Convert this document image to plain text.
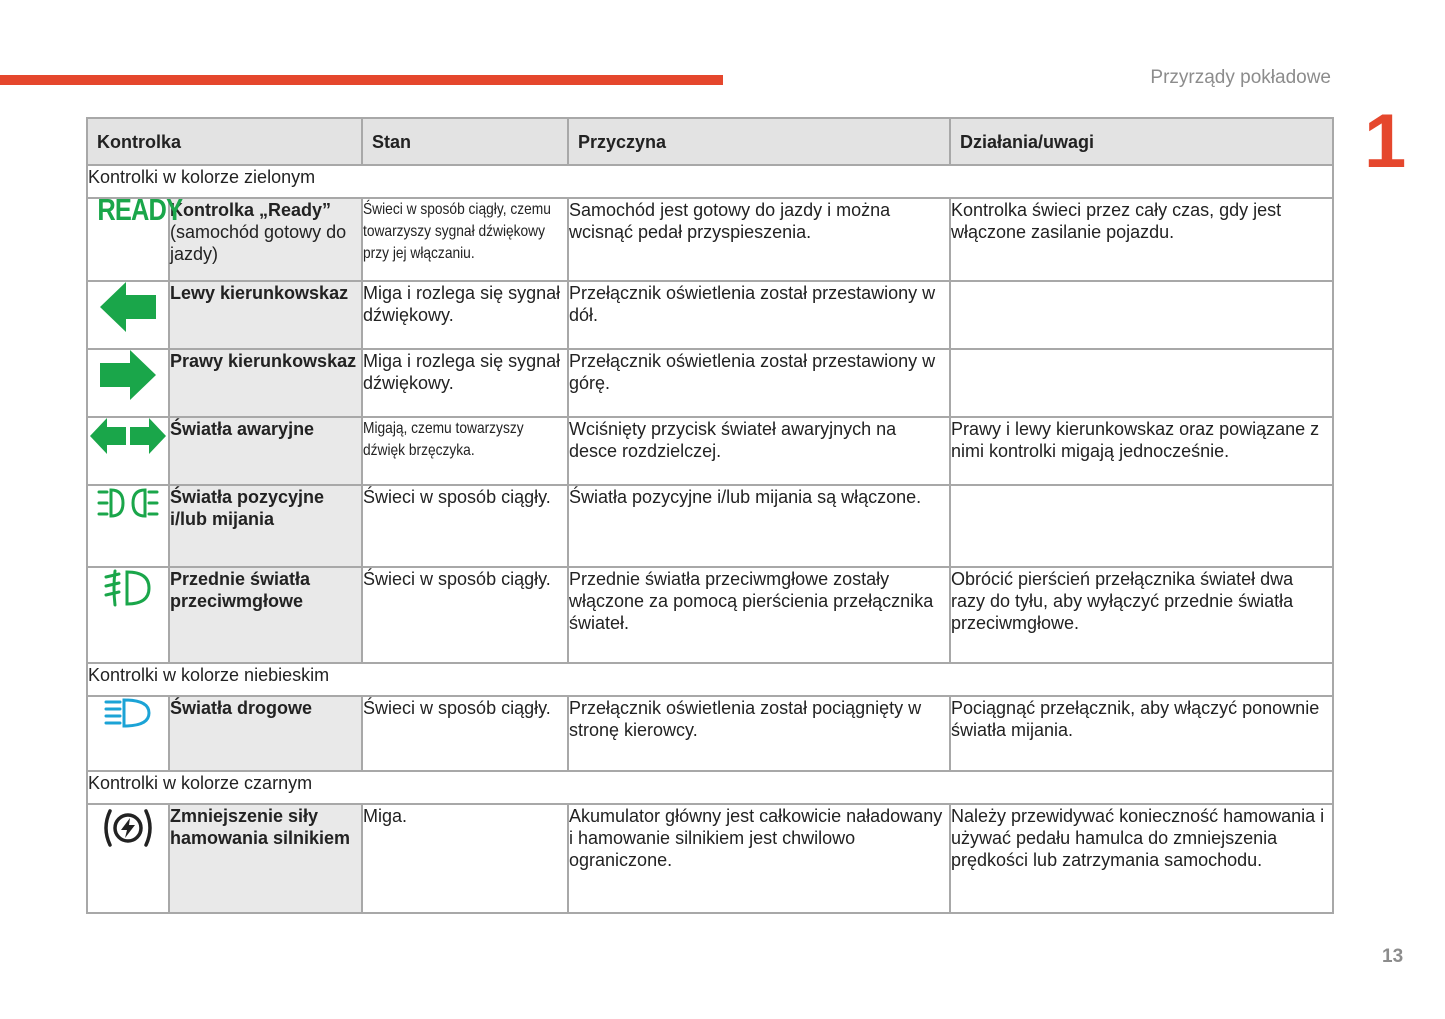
Przyrządy pokładowe
1
Kontrolka		Stan	Przyczyna	Działania/uwagi
Kontrolki w kolorze zielonym				
READY	Kontrolka „Ready” (samochód gotowy do jazdy)	Świeci w sposób ciągły, czemu towarzyszy sygnał dźwiękowy przy jej włączaniu.	Samochód jest gotowy do jazdy i można wcisnąć pedał przyspieszenia.	Kontrolka świeci przez cały czas, gdy jest włączone zasilanie pojazdu.

	Lewy kierunkowskaz	Miga i rozlega się sygnał dźwiękowy.	Przełącznik oświetlenia został przestawiony w dół.	

	Prawy kierunkowskaz	Miga i rozlega się sygnał dźwiękowy.	Przełącznik oświetlenia został przestawiony w górę.	

	Światła awaryjne	Migają, czemu towarzyszy dźwięk brzęczyka.	Wciśnięty przycisk świateł awaryjnych na desce rozdzielczej.	Prawy i lewy kierunkowskaz oraz powiązane z nimi kontrolki migają jednocześnie.

	Światła pozycyjne i/lub mijania	Świeci w sposób ciągły.	Światła pozycyjne i/lub mijania są włączone.	

	Przednie światła przeciwmgłowe	Świeci w sposób ciągły.	Przednie światła przeciwmgłowe zostały włączone za pomocą pierścienia przełącznika świateł.	Obrócić pierścień przełącznika świateł dwa razy do tyłu, aby wyłączyć przednie światła przeciwmgłowe.
Kontrolki w kolorze niebieskim				

	Światła drogowe	Świeci w sposób ciągły.	Przełącznik oświetlenia został pociągnięty w stronę kierowcy.	Pociągnąć przełącznik, aby włączyć ponownie światła mijania.
Kontrolki w kolorze czarnym				

	Zmniejszenie siły hamowania silnikiem	Miga.	Akumulator główny jest całkowicie naładowany i hamowanie silnikiem jest chwilowo ograniczone.	Należy przewidywać konieczność hamowania i używać pedału hamulca do zmniejszenia prędkości lub zatrzymania samochodu.
13
